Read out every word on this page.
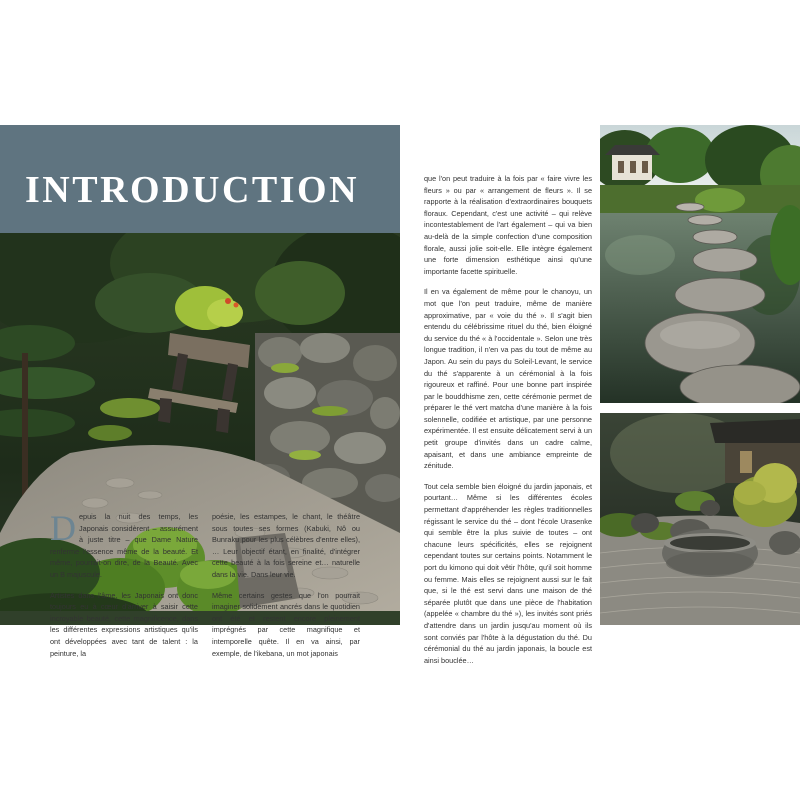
INTRODUCTION

Depuis la nuit des temps, les Japonais considèrent – assurément à juste titre – que Dame Nature renferme l'essence même de la beauté. Et même, pourrait-on dire, de la Beauté. Avec un B majuscule.

Artistes dans l'âme, les Japonais ont donc toujours eu à cœur d'arriver à saisir cette incroyable beauté, cette magnificence, dans les différentes expressions artistiques qu'ils ont développées avec tant de talent : la peinture, la

poésie, les estampes, le chant, le théâtre sous toutes ses formes (Kabuki, Nô ou Bunraku pour les plus célèbres d'entre elles), … Leur objectif étant, en finalité, d'intégrer cette beauté à la fois sereine et… naturelle dans la vie. Dans leur vie.

Même certains gestes que l'on pourrait imaginer solidement ancrés dans le quotidien ont été et restent encore pleinement imprégnés par cette magnifique et intemporelle quête. Il en va ainsi, par exemple, de l'ikebana, un mot japonais

que l'on peut traduire à la fois par « faire vivre les fleurs » ou par « arrangement de fleurs ». Il se rapporte à la réalisation d'extraordinaires bouquets floraux. Cependant, c'est une activité – qui relève incontestablement de l'art également – qui va bien au-delà de la simple confection d'une composition florale, aussi jolie soit-elle. Elle intègre également une forte dimension esthétique ainsi qu'une importante facette spirituelle.

Il en va également de même pour le chanoyu, un mot que l'on peut traduire, même de manière approximative, par « voie du thé ». Il s'agit bien entendu du célébrissime rituel du thé, bien éloigné du service du thé « à l'occidentale ». Selon une très longue tradition, il n'en va pas du tout de même au Japon. Au sein du pays du Soleil-Levant, le service du thé s'apparente à un cérémonial à la fois rigoureux et raffiné. Pour une bonne part inspirée par le bouddhisme zen, cette cérémonie permet de préparer le thé vert matcha d'une manière à la fois solennelle, codifiée et artistique, par une personne expérimentée. Il est ensuite délicatement servi à un petit groupe d'invités dans un cadre calme, apaisant, et dans une ambiance empreinte de zénitude.

Tout cela semble bien éloigné du jardin japonais, et pourtant… Même si les différentes écoles permettant d'appréhender les règles traditionnelles régissant le service du thé – dont l'école Urasenke qui semble être la plus suivie de toutes – ont chacune leurs spécificités, elles se rejoignent cependant toutes sur certains points. Notamment le port du kimono qui doit vêtir l'hôte, qu'il soit homme ou femme. Mais elles se rejoignent aussi sur le fait que, si le thé est servi dans une maison de thé séparée plutôt que dans une pièce de l'habitation (appelée « chambre du thé »), les invités sont priés d'attendre dans un jardin jusqu'au moment où ils sont conviés par l'hôte à la dégustation du thé. Du cérémonial du thé au jardin japonais, la boucle est ainsi bouclée…
